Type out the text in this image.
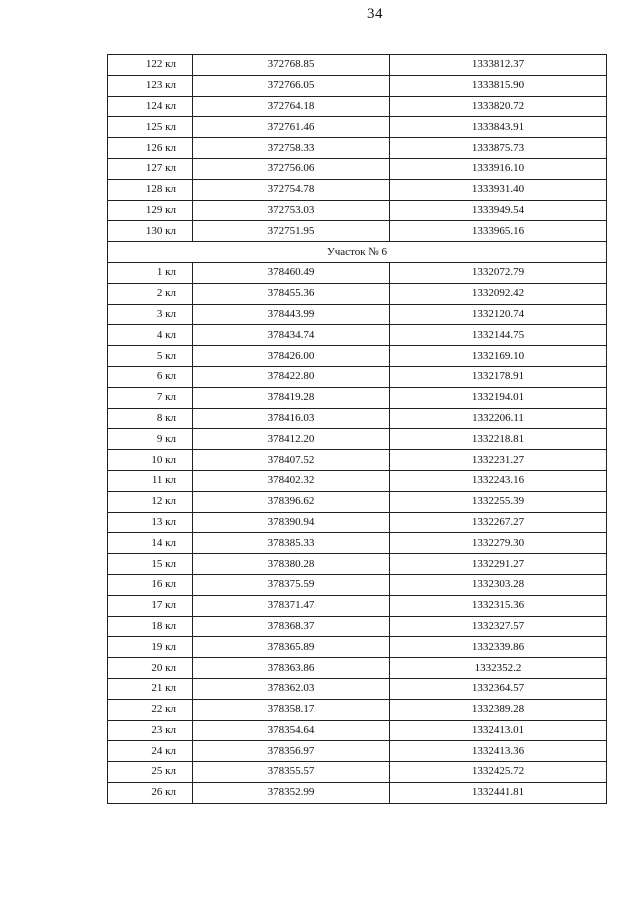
34
122 кл	372768.85	1333812.37
123 кл	372766.05	1333815.90
124 кл	372764.18	1333820.72
125 кл	372761.46	1333843.91
126 кл	372758.33	1333875.73
127 кл	372756.06	1333916.10
128 кл	372754.78	1333931.40
129 кл	372753.03	1333949.54
130 кл	372751.95	1333965.16
Участок № 6		
1 кл	378460.49	1332072.79
2 кл	378455.36	1332092.42
3 кл	378443.99	1332120.74
4 кл	378434.74	1332144.75
5 кл	378426.00	1332169.10
6 кл	378422.80	1332178.91
7 кл	378419.28	1332194.01
8 кл	378416.03	1332206.11
9 кл	378412.20	1332218.81
10 кл	378407.52	1332231.27
11 кл	378402.32	1332243.16
12 кл	378396.62	1332255.39
13 кл	378390.94	1332267.27
14 кл	378385.33	1332279.30
15 кл	378380.28	1332291.27
16 кл	378375.59	1332303.28
17 кл	378371.47	1332315.36
18 кл	378368.37	1332327.57
19 кл	378365.89	1332339.86
20 кл	378363.86	1332352.2
21 кл	378362.03	1332364.57
22 кл	378358.17	1332389.28
23 кл	378354.64	1332413.01
24 кл	378356.97	1332413.36
25 кл	378355.57	1332425.72
26 кл	378352.99	1332441.81
